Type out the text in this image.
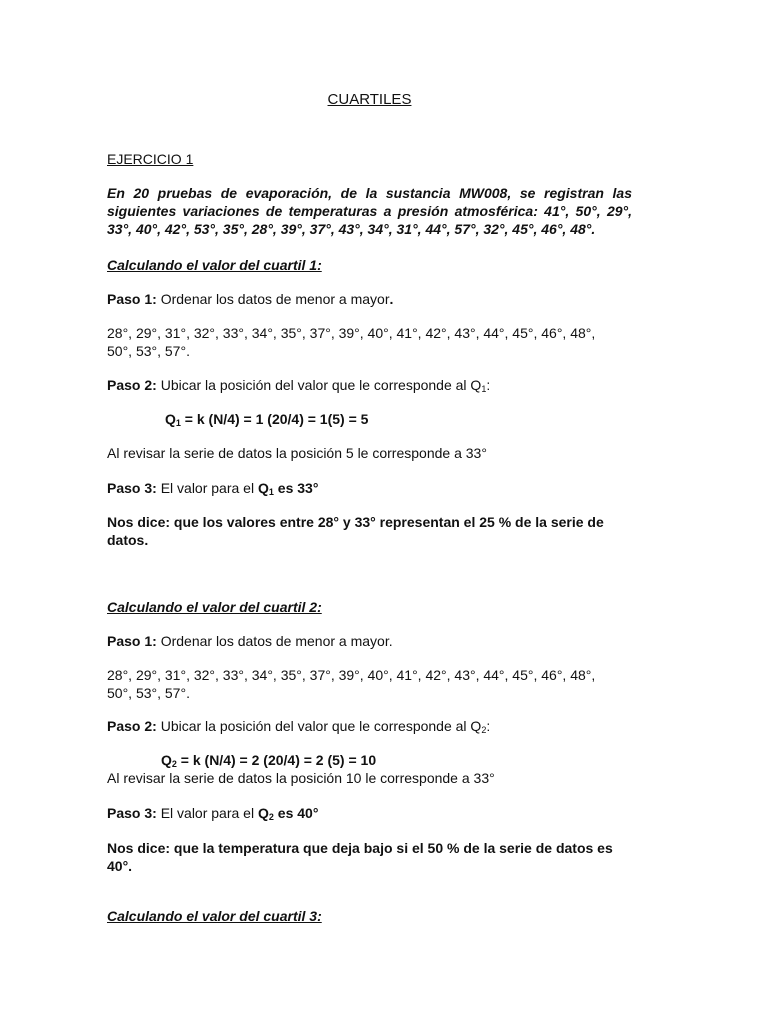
CUARTILES

EJERCICIO 1

En 20 pruebas de evaporación, de la sustancia MW008, se registran las siguientes variaciones de temperaturas a presión atmosférica: 41°, 50°, 29°, 33°, 40°, 42°, 53°, 35°, 28°, 39°, 37°, 43°, 34°, 31°, 44°, 57°, 32°, 45°, 46°, 48°.

Calculando el valor del cuartil 1:

Paso 1: Ordenar los datos de menor a mayor.

28°, 29°, 31°, 32°, 33°, 34°, 35°, 37°, 39°, 40°, 41°, 42°, 43°, 44°, 45°, 46°, 48°,
50°, 53°, 57°.

Paso 2: Ubicar la posición del valor que le corresponde al $Q_1$:

$Q_1 = k$ (N/4) = 1 (20/4) = 1(5) = 5

Al revisar la serie de datos la posición 5 le corresponde a 33°

Paso 3: El valor para el $Q_1$ es 33°

Nos dice: que los valores entre 28° y 33° representan el 25 % de la serie de datos.

Calculando el valor del cuartil 2:

Paso 1: Ordenar los datos de menor a mayor.

28°, 29°, 31°, 32°, 33°, 34°, 35°, 37°, 39°, 40°, 41°, 42°, 43°, 44°, 45°, 46°, 48°,
50°, 53°, 57°.

Paso 2: Ubicar la posición del valor que le corresponde al $Q_2$:

$Q_2 = k$ (N/4) = 2 (20/4) = 2 (5) = 10

Al revisar la serie de datos la posición 10 le corresponde a 33°

Paso 3: El valor para el $Q_2$ es 40°

Nos dice: que la temperatura que deja bajo si el 50 % de la serie de datos es 40°.

Calculando el valor del cuartil 3:
